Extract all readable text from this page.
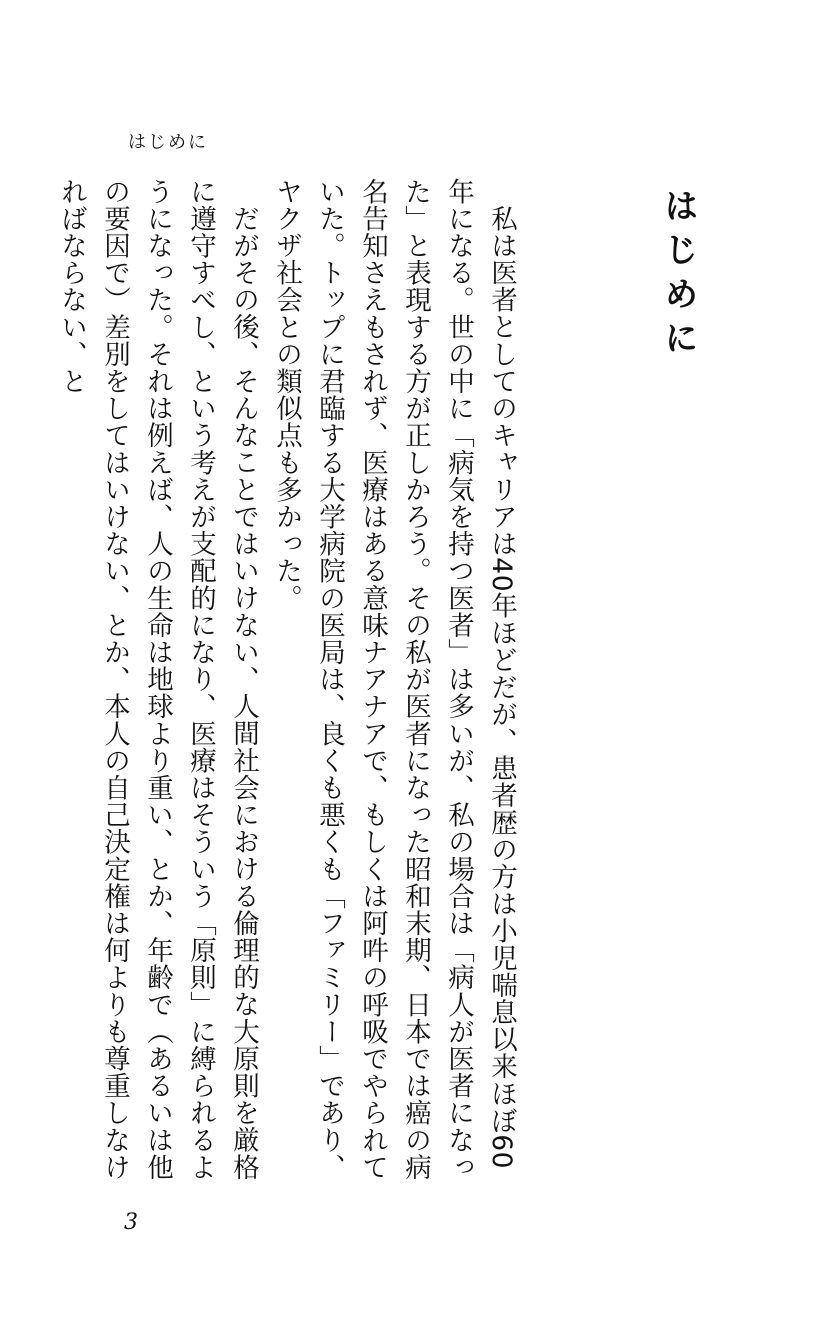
はじめに
はじめに

私は医者としてのキャリアは40年ほどだが、患者歴の方は小児喘息以来ほぼ60年になる。世の中に「病気を持つ医者」は多いが、私の場合は「病人が医者になった」と表現する方が正しかろう。その私が医者になった昭和末期、日本では癌の病名告知さえもされず、医療はある意味ナアナアで、もしくは阿吽の呼吸でやられていた。トップに君臨する大学病院の医局は、良くも悪くも「ファミリー」であり、ヤクザ社会との類似点も多かった。

だがその後、そんなことではいけない、人間社会における倫理的な大原則を厳格に遵守すべし、という考えが支配的になり、医療はそういう「原則」に縛られるようになった。それは例えば、人の生命は地球より重い、とか、年齢で（あるいは他の要因で）差別をしてはいけない、とか、本人の自己決定権は何よりも尊重しなければならない、と

3
